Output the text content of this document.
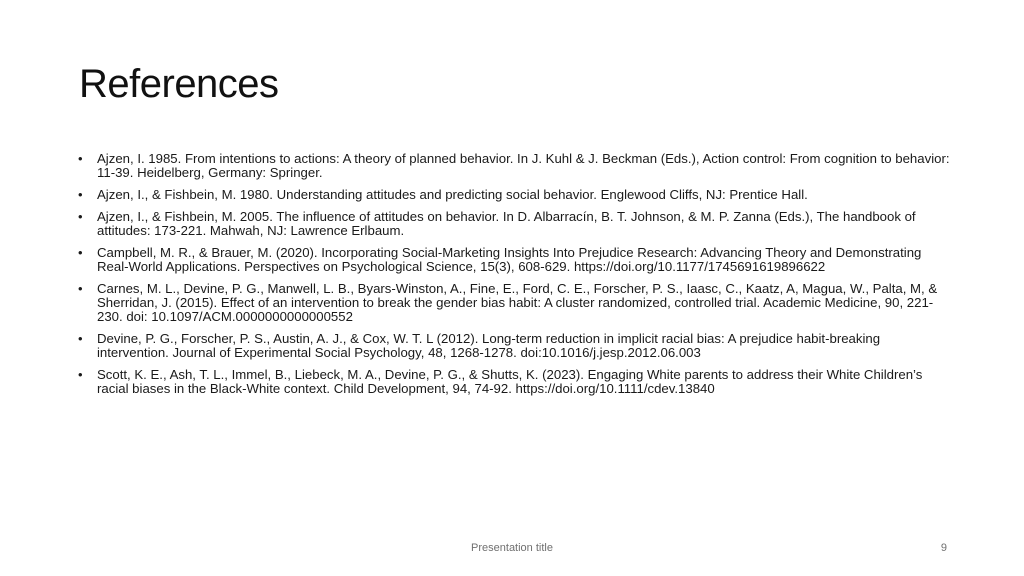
References
• Ajzen, I. 1985. From intentions to actions: A theory of planned behavior. In J. Kuhl & J. Beckman (Eds.), Action control: From cognition to behavior: 11-39. Heidelberg, Germany: Springer.
• Ajzen, I., & Fishbein, M. 1980. Understanding attitudes and predicting social behavior. Englewood Cliffs, NJ: Prentice Hall.
• Ajzen, I., & Fishbein, M. 2005. The influence of attitudes on behavior. In D. Albarracín, B. T. Johnson, & M. P. Zanna (Eds.), The handbook of attitudes: 173-221. Mahwah, NJ: Lawrence Erlbaum.
• Campbell, M. R., & Brauer, M. (2020). Incorporating Social-Marketing Insights Into Prejudice Research: Advancing Theory and Demonstrating Real-World Applications. Perspectives on Psychological Science, 15(3), 608-629. https://doi.org/10.1177/1745691619896622
• Carnes, M. L., Devine, P. G., Manwell, L. B., Byars-Winston, A., Fine, E., Ford, C. E., Forscher, P. S., Iaasc, C., Kaatz, A, Magua, W., Palta, M, & Sherridan, J. (2015). Effect of an intervention to break the gender bias habit: A cluster randomized, controlled trial. Academic Medicine, 90, 221-230. doi: 10.1097/ACM.0000000000000552
• Devine, P. G., Forscher, P. S., Austin, A. J., & Cox, W. T. L (2012). Long-term reduction in implicit racial bias: A prejudice habit-breaking intervention. Journal of Experimental Social Psychology, 48, 1268-1278. doi:10.1016/j.jesp.2012.06.003
• Scott, K. E., Ash, T. L., Immel, B., Liebeck, M. A., Devine, P. G., & Shutts, K. (2023). Engaging White parents to address their White Children’s racial biases in the Black-White context. Child Development, 94, 74-92. https://doi.org/10.1111/cdev.13840
Presentation title	9
